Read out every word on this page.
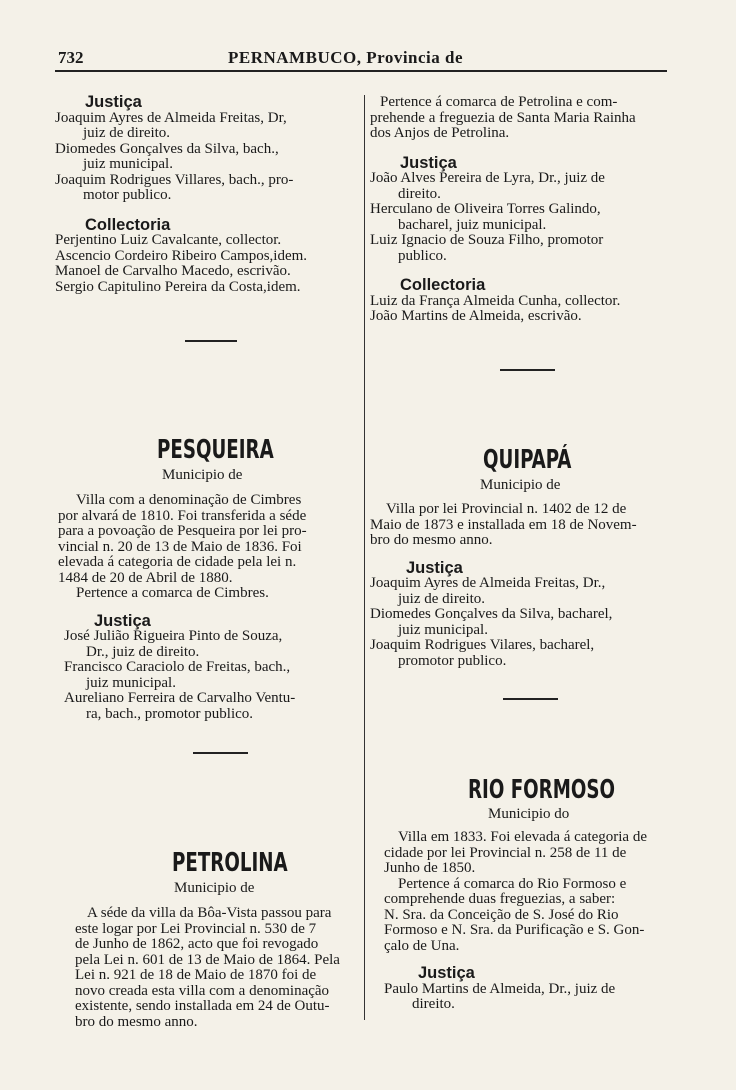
732	PERNAMBUCO, Provincia de

Justiça

Joaquim Ayres de Almeida Freitas, Dr,

juiz de direito.

Diomedes Gonçalves da Silva, bach.,

juiz municipal.

Joaquim Rodrigues Villares, bach., pro-

motor publico.

Collectoria

Perjentino Luiz Cavalcante, collector.

Ascencio Cordeiro Ribeiro Campos,idem.

Manoel de Carvalho Macedo, escrivão.

Sergio Capitulino Pereira da Costa,idem.

Pertence á comarca de Petrolina e com-

prehende a freguezia de Santa Maria Rainha

dos Anjos de Petrolina.

Justiça

João Alves Pereira de Lyra, Dr., juiz de

direito.

Herculano de Oliveira Torres Galindo,

bacharel, juiz municipal.

Luiz Ignacio de Souza Filho, promotor

publico.

Collectoria

Luiz da França Almeida Cunha, collector.

João Martins de Almeida, escrivão.

PESQUEIRA
Municipio de

Villa com a denominação de Cimbres

por alvará de 1810. Foi transferida a séde

para a povoação de Pesqueira por lei pro-

vincial n. 20 de 13 de Maio de 1836. Foi

elevada á categoria de cidade pela lei n.

1484 de 20 de Abril de 1880.

Pertence a comarca de Cimbres.

Justiça

José Julião Rigueira Pinto de Souza,

Dr., juiz de direito.

Francisco Caraciolo de Freitas, bach.,

juiz municipal.

Aureliano Ferreira de Carvalho Ventu-

ra, bach., promotor publico.

QUIPAPÁ
Municipio de

Villa por lei Provincial n. 1402 de 12 de

Maio de 1873 e installada em 18 de Novem-

bro do mesmo anno.

Justiça

Joaquim Ayres de Almeida Freitas, Dr.,

juiz de direito.

Diomedes Gonçalves da Silva, bacharel,

juiz municipal.

Joaquim Rodrigues Vilares, bacharel,

promotor publico.

RIO FORMOSO
Municipio do

Villa em 1833. Foi elevada á categoria de

cidade por lei Provincial n. 258 de 11 de

Junho de 1850.

Pertence á comarca do Rio Formoso e

comprehende duas freguezias, a saber:

N. Sra. da Conceição de S. José do Rio

Formoso e N. Sra. da Purificação e S. Gon-

çalo de Una.

Justiça

Paulo Martins de Almeida, Dr., juiz de

direito.

PETROLINA
Municipio de

A séde da villa da Bôa-Vista passou para

este logar por Lei Provincial n. 530 de 7

de Junho de 1862, acto que foi revogado

pela Lei n. 601 de 13 de Maio de 1864. Pela

Lei n. 921 de 18 de Maio de 1870 foi de

novo creada esta villa com a denominação

existente, sendo installada em 24 de Outu-

bro do mesmo anno.
